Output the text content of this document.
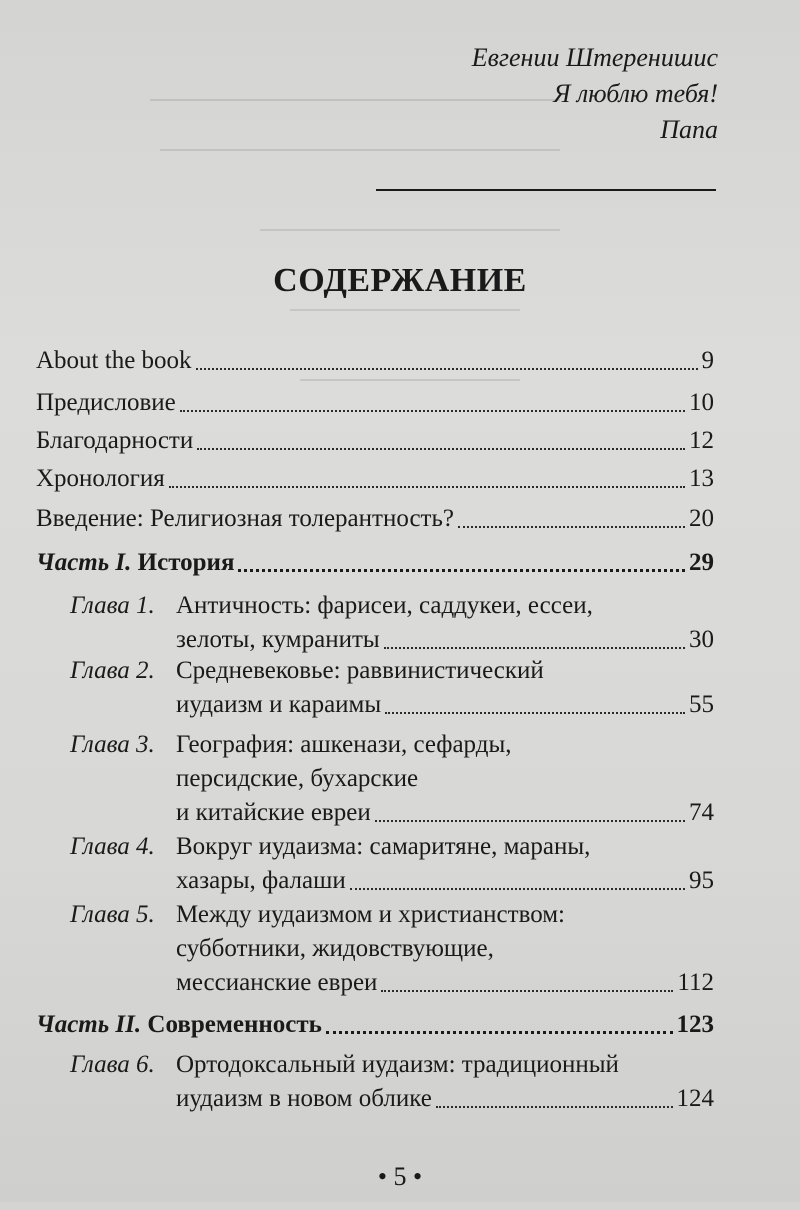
Евгении Штеренишис
Я люблю тебя!
Папа
СОДЕРЖАНИЕ
About the book	9
Предисловие	10
Благодарности	12
Хронология	13
Введение: Религиозная толерантность?	20
Часть I. История	29
Глава 1. Античность: фарисеи, саддукеи, ессеи,
зелоты, кумраниты	30
Глава 2. Средневековье: раввинистический
иудаизм и караимы	55
Глава 3. География: ашкенази, сефарды,
персидские, бухарские
и китайские евреи	74
Глава 4. Вокруг иудаизма: самаритяне, мараны,
хазары, фалаши	95
Глава 5. Между иудаизмом и христианством:
субботники, жидовствующие,
мессианские евреи	112
Часть II. Современность	123
Глава 6. Ортодоксальный иудаизм: традиционный
иудаизм в новом облике	124
• 5 •
